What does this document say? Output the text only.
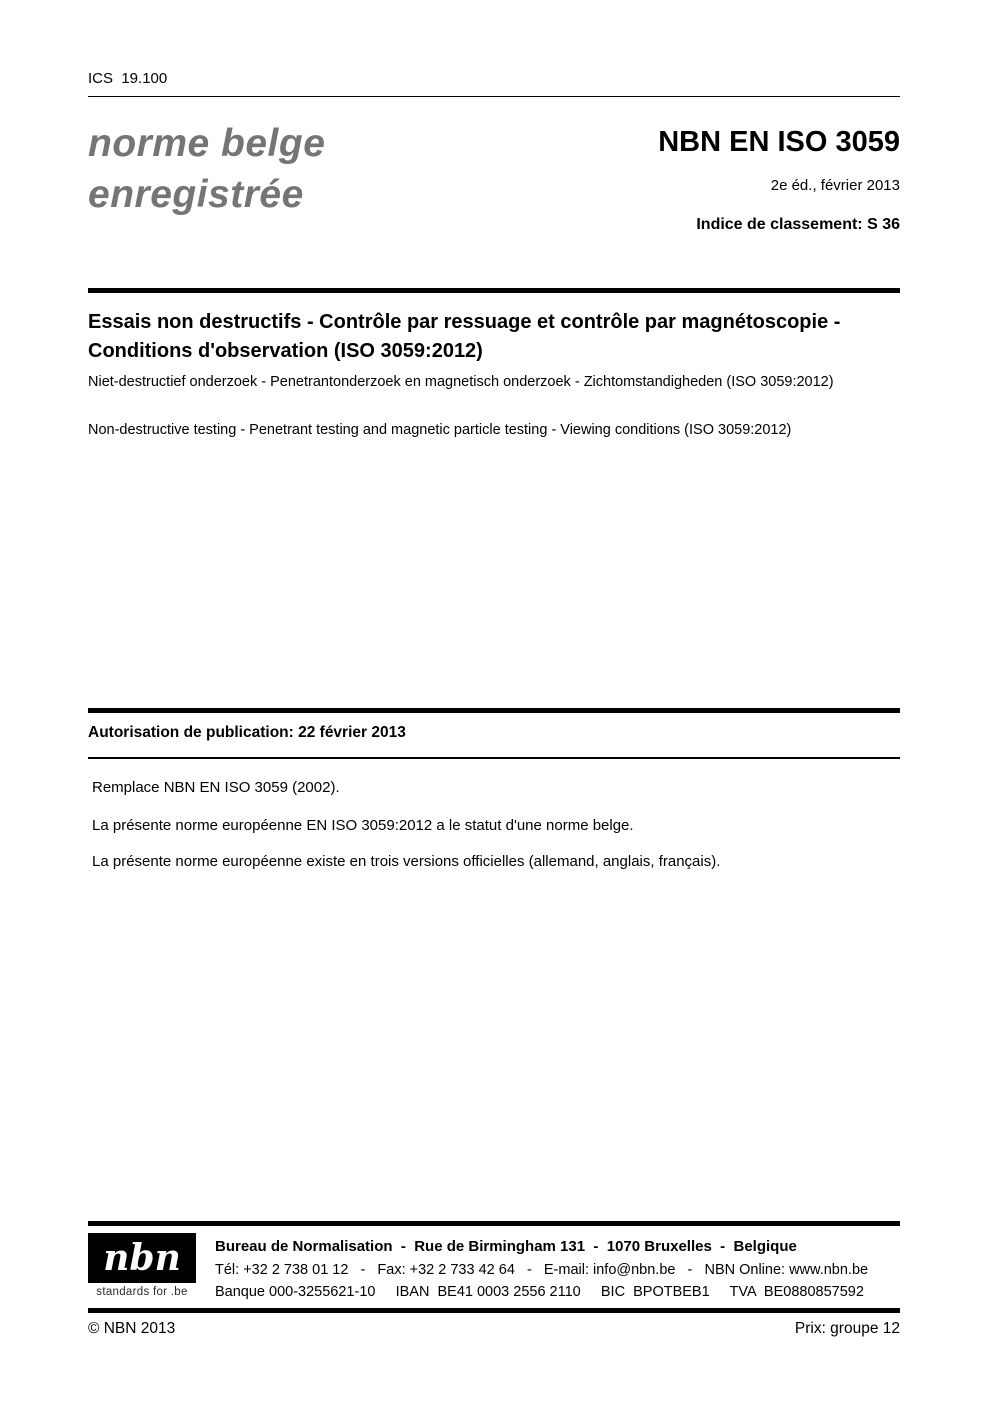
ICS  19.100
norme belge
enregistrée
NBN EN ISO 3059
2e éd., février 2013
Indice de classement: S 36
Essais non destructifs - Contrôle par ressuage et contrôle par magnétoscopie - Conditions d'observation (ISO 3059:2012)
Niet-destructief onderzoek - Penetrantonderzoek en magnetisch onderzoek - Zichtomstandigheden (ISO 3059:2012)
Non-destructive testing - Penetrant testing and magnetic particle testing - Viewing conditions (ISO 3059:2012)
Autorisation de publication: 22 février 2013
Remplace NBN EN ISO 3059 (2002).
La présente norme européenne EN ISO 3059:2012 a le statut d'une norme belge.
La présente norme européenne existe en trois versions officielles (allemand, anglais, français).
nbn
standards for .be
Bureau de Normalisation  -  Rue de Birmingham 131  -  1070 Bruxelles  -  Belgique
Tél: +32 2 738 01 12   -   Fax: +32 2 733 42 64   -   E-mail: info@nbn.be   -   NBN Online: www.nbn.be
Banque 000-3255621-10     IBAN  BE41 0003 2556 2110     BIC  BPOTBEB1     TVA  BE0880857592
© NBN 2013	Prix: groupe 12
